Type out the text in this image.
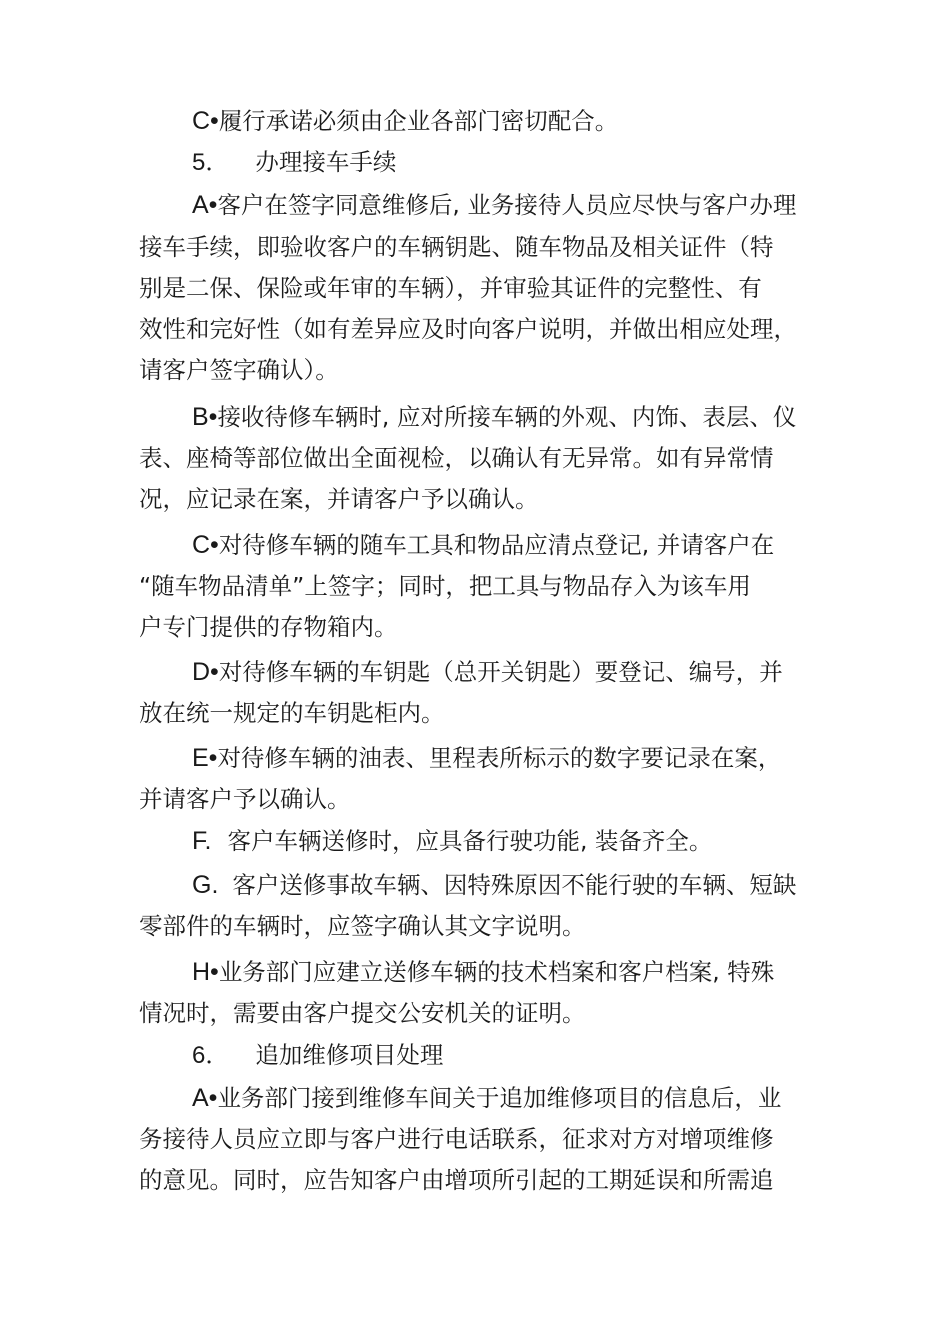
C•履行承诺必须由企业各部门密切配合。
5． 办理接车手续
A•客户在签字同意维修后, 业务接待人员应尽快与客户办理
接车手续，即验收客户的车辆钥匙、随车物品及相关证件（特
别是二保、保险或年审的车辆），并审验其证件的完整性、有
效性和完好性（如有差异应及时向客户说明，并做出相应处理，
请客户签字确认）。
B•接收待修车辆时, 应对所接车辆的外观、内饰、表层、仪
表、座椅等部位做出全面视检，以确认有无异常。如有异常情
况，应记录在案，并请客户予以确认。
C•对待修车辆的随车工具和物品应清点登记, 并请客户在
“随车物品清单”上签字；同时，把工具与物品存入为该车用
户专门提供的存物箱内。
D•对待修车辆的车钥匙（总开关钥匙）要登记、编号，并
放在统一规定的车钥匙柜内。
E•对待修车辆的油表、里程表所标示的数字要记录在案，
并请客户予以确认。
F. 客户车辆送修时，应具备行驶功能, 装备齐全。
G. 客户送修事故车辆、因特殊原因不能行驶的车辆、短缺
零部件的车辆时，应签字确认其文字说明。
H•业务部门应建立送修车辆的技术档案和客户档案, 特殊
情况时，需要由客户提交公安机关的证明。
6． 追加维修项目处理
A•业务部门接到维修车间关于追加维修项目的信息后，业
务接待人员应立即与客户进行电话联系，征求对方对增项维修
的意见。同时，应告知客户由增项所引起的工期延误和所需追
